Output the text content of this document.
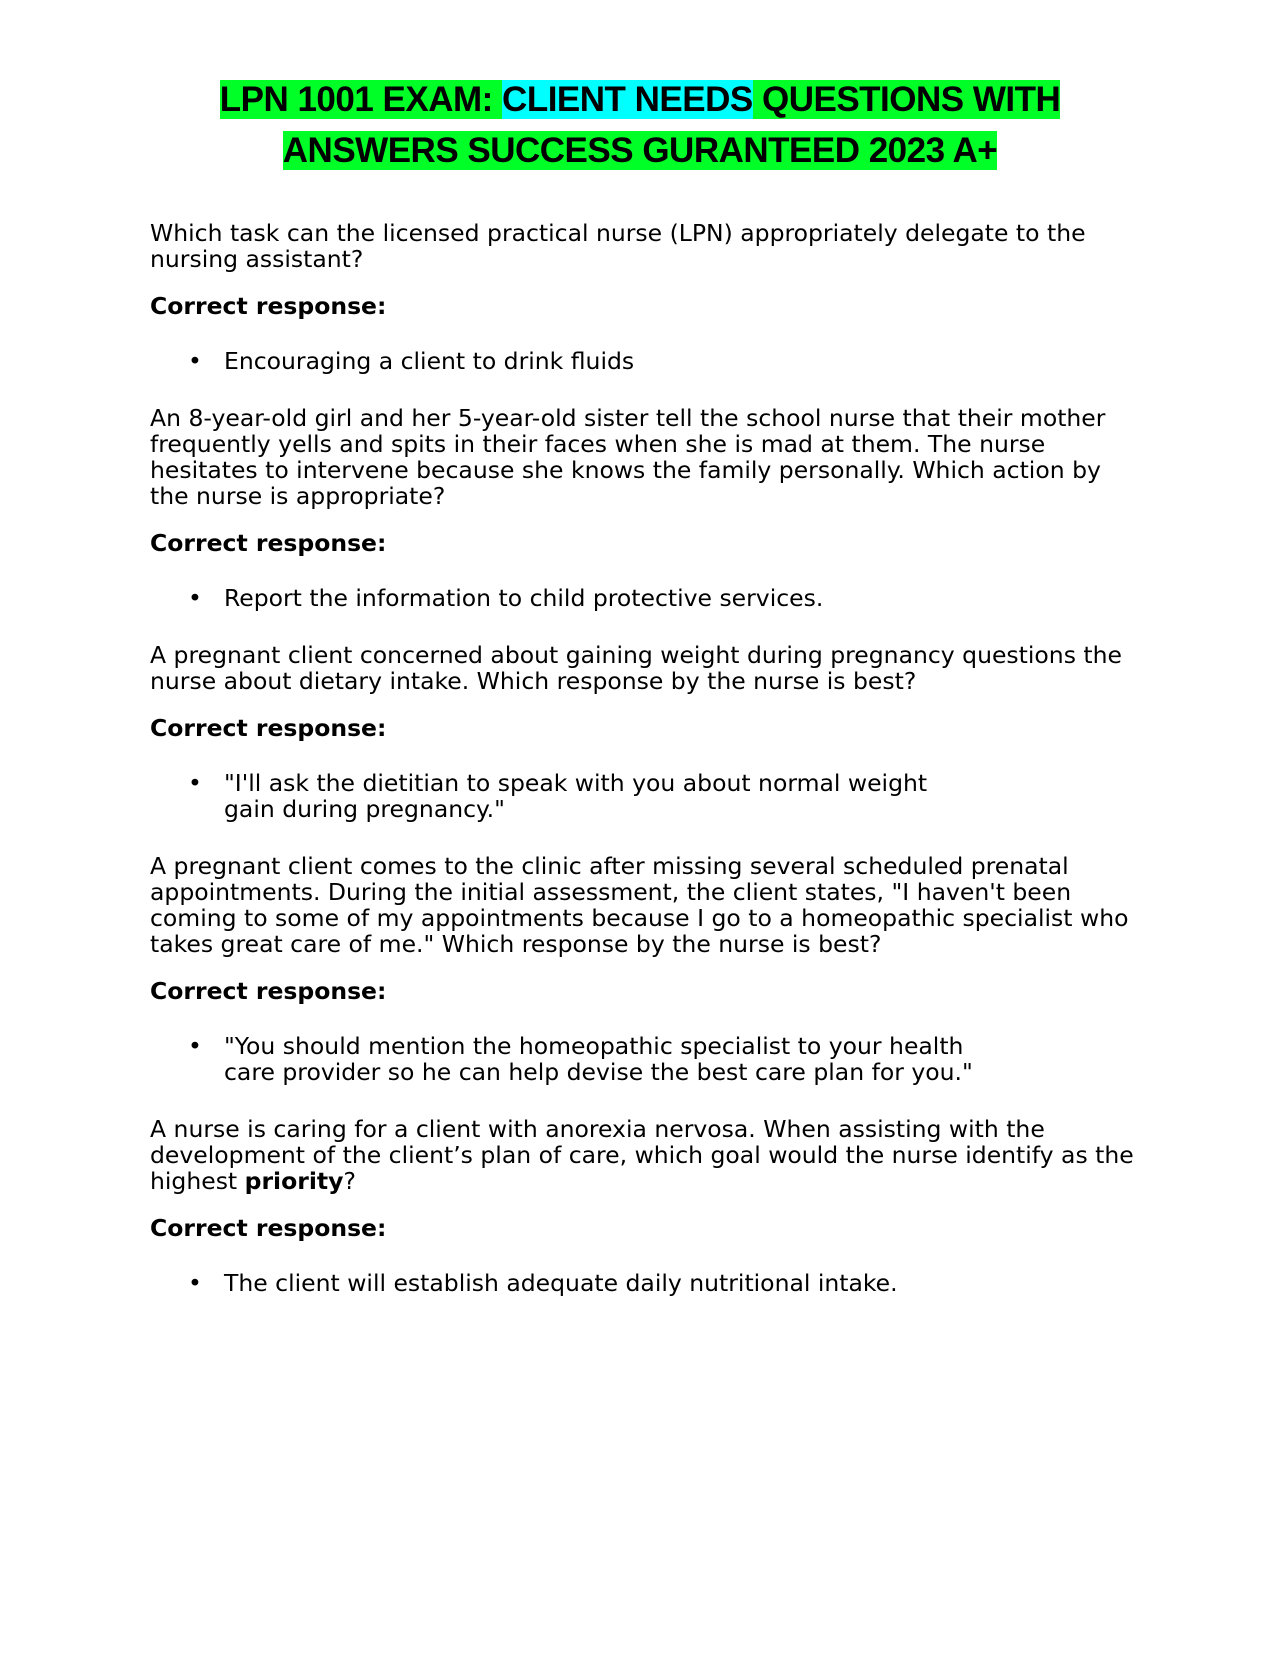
LPN 1001 EXAM: CLIENT NEEDS QUESTIONS WITH
ANSWERS SUCCESS GURANTEED 2023 A+
Which task can the licensed practical nurse (LPN) appropriately delegate to the nursing assistant?
Correct response:
• Encouraging a client to drink fluids
An 8-year-old girl and her 5-year-old sister tell the school nurse that their mother frequently yells and spits in their faces when she is mad at them. The nurse hesitates to intervene because she knows the family personally. Which action by the nurse is appropriate?
Correct response:
• Report the information to child protective services.
A pregnant client concerned about gaining weight during pregnancy questions the nurse about dietary intake. Which response by the nurse is best?
Correct response:
• "I'll ask the dietitian to speak with you about normal weight gain during pregnancy."
A pregnant client comes to the clinic after missing several scheduled prenatal appointments. During the initial assessment, the client states, "I haven't been coming to some of my appointments because I go to a homeopathic specialist who takes great care of me." Which response by the nurse is best?
Correct response:
• "You should mention the homeopathic specialist to your health care provider so he can help devise the best care plan for you."
A nurse is caring for a client with anorexia nervosa. When assisting with the development of the client’s plan of care, which goal would the nurse identify as the highest priority?
Correct response:
• The client will establish adequate daily nutritional intake.
